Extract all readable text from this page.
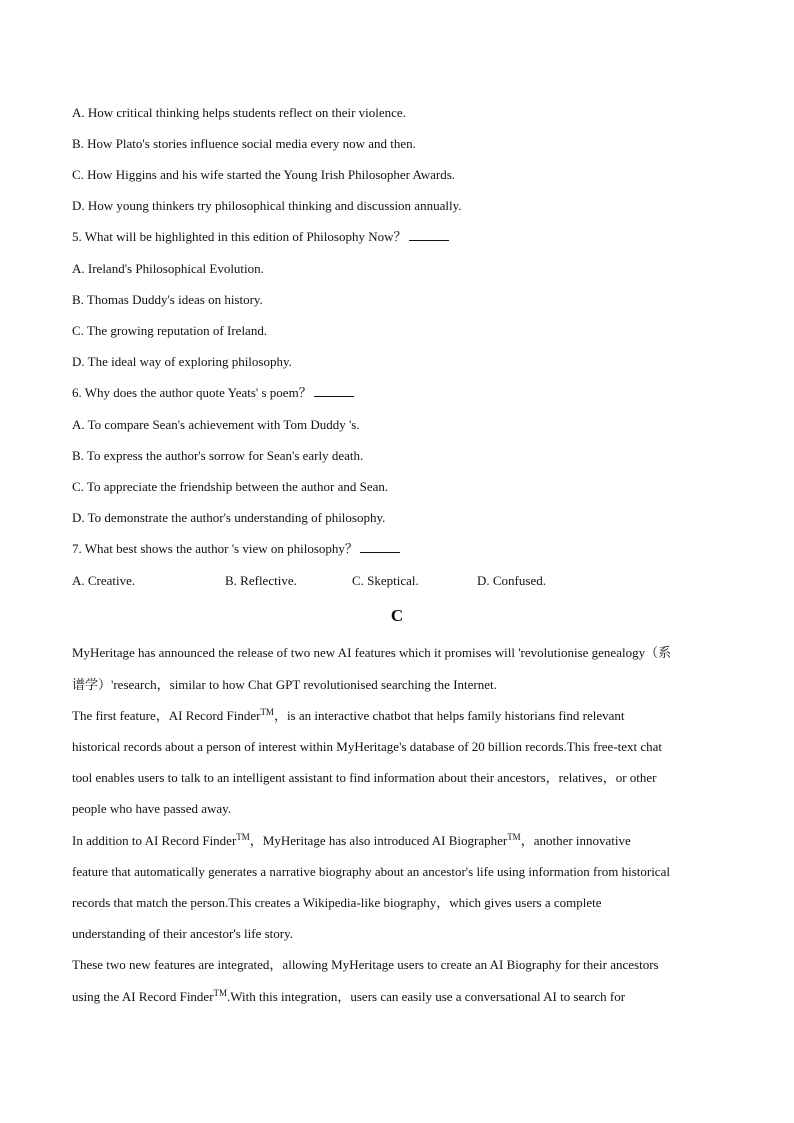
A. How critical thinking helps students reflect on their violence.
B. How Plato's stories influence social media every now and then.
C. How Higgins and his wife started the Young Irish Philosopher Awards.
D. How young thinkers try philosophical thinking and discussion annually.
5. What will be highlighted in this edition of Philosophy Now？
A. Ireland's Philosophical Evolution.
B. Thomas Duddy's ideas on history.
C. The growing reputation of Ireland.
D. The ideal way of exploring philosophy.
6. Why does the author quote Yeats' s poem？
A. To compare Sean's achievement with Tom Duddy 's.
B. To express the author's sorrow for Sean's early death.
C. To appreciate the friendship between the author and Sean.
D. To demonstrate the author's understanding of philosophy.
7. What best shows the author 's view on philosophy？
A. Creative.	B. Reflective.	C. Skeptical.	D. Confused.
C
MyHeritage has announced the release of two new AI features which it promises will 'revolutionise genealogy（系
谱学）'research，similar to how Chat GPT revolutionised searching the Internet.
The first feature，AI Record Finder™，is an interactive chatbot that helps family historians find relevant
historical records about a person of interest within MyHeritage's database of 20 billion records.This free-text chat
tool enables users to talk to an intelligent assistant to find information about their ancestors，relatives，or other
people who have passed away.
In addition to AI Record Finder™，MyHeritage has also introduced AI Biographer™，another innovative
feature that automatically generates a narrative biography about an ancestor's life using information from historical
records that match the person.This creates a Wikipedia-like biography，which gives users a complete
understanding of their ancestor's life story.
These two new features are integrated，allowing MyHeritage users to create an AI Biography for their ancestors
using the AI Record Finder™.With this integration，users can easily use a conversational AI to search for
